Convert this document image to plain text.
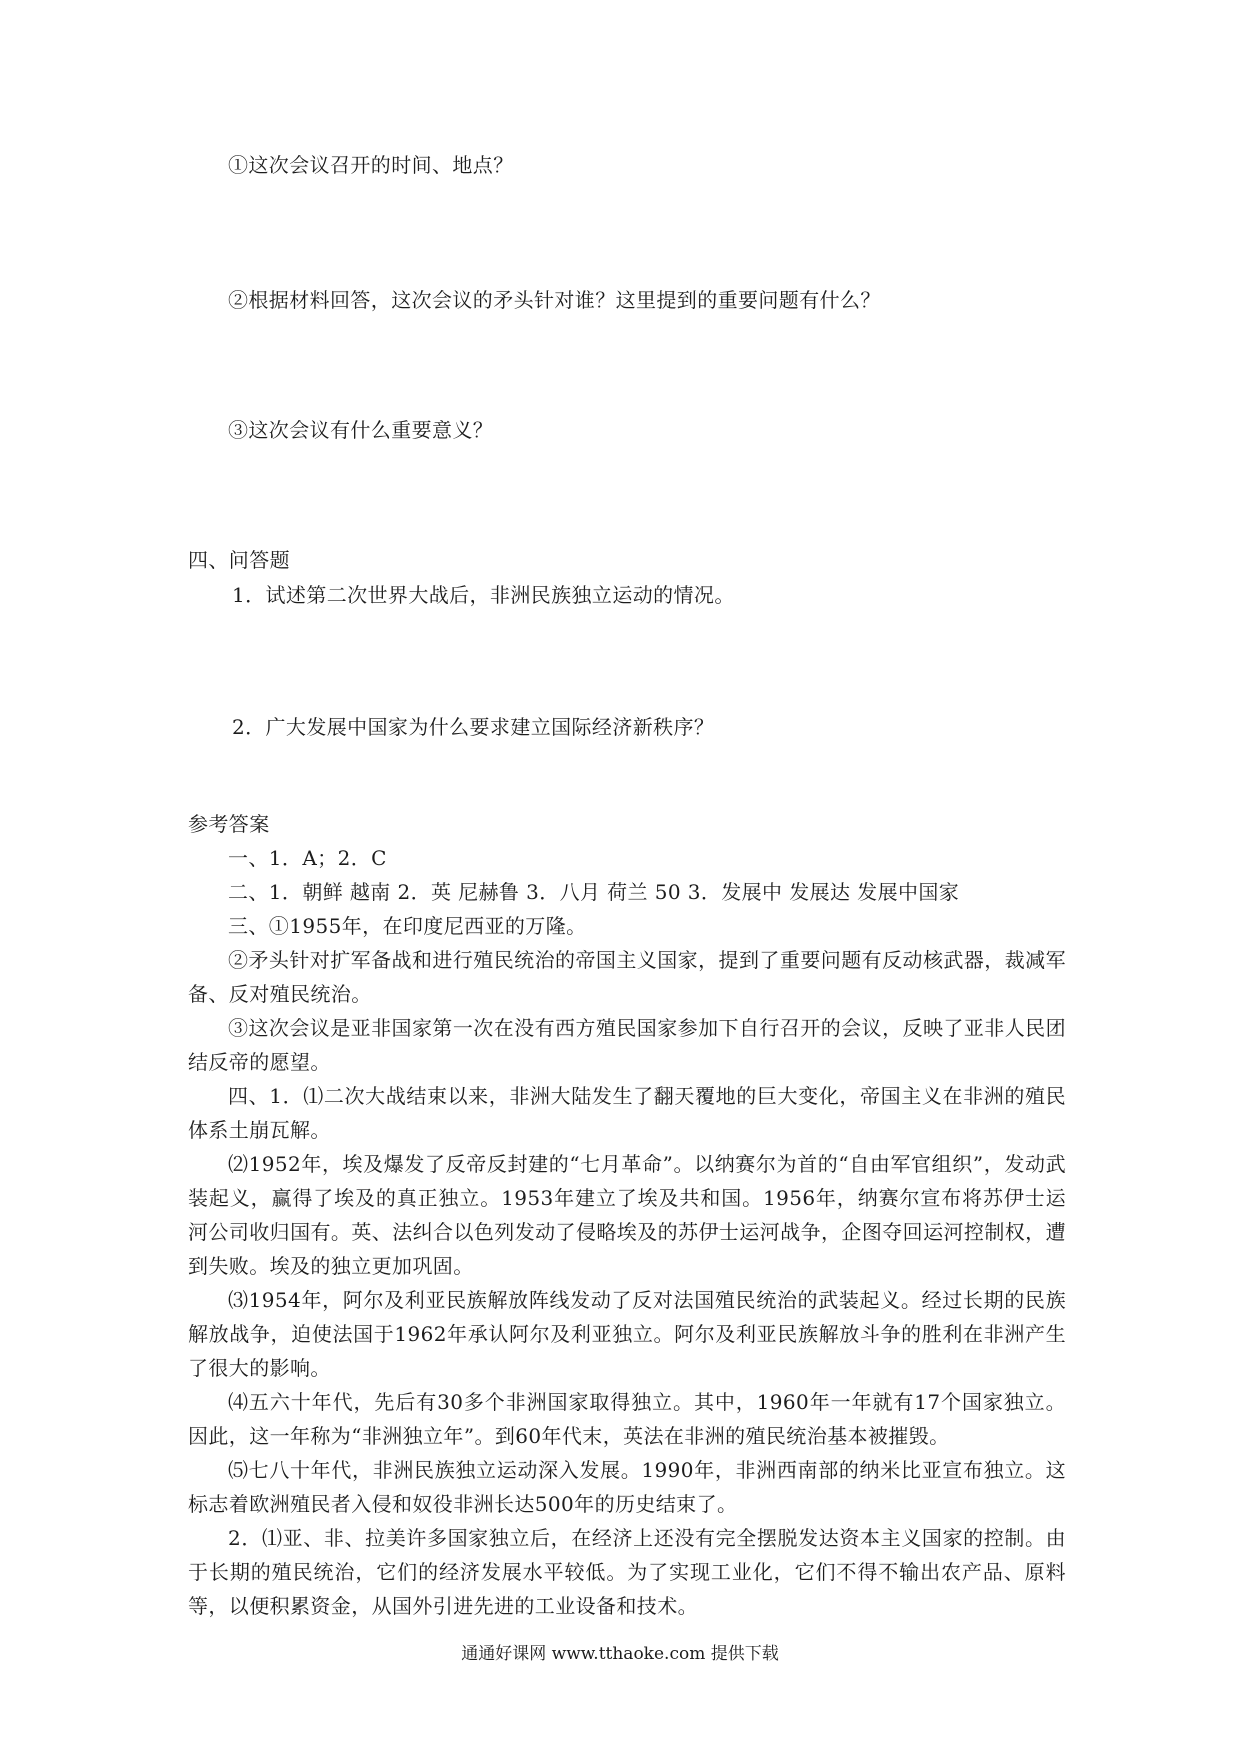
①这次会议召开的时间、地点？

②根据材料回答，这次会议的矛头针对谁？这里提到的重要问题有什么？

③这次会议有什么重要意义？

四、问答题

1．试述第二次世界大战后，非洲民族独立运动的情况。

2．广大发展中国家为什么要求建立国际经济新秩序？

参考答案

一、1．A；2．C

二、1．朝鲜 越南 2．英 尼赫鲁 3．八月 荷兰 50 3．发展中 发展达 发展中国家

三、①1955年，在印度尼西亚的万隆。

②矛头针对扩军备战和进行殖民统治的帝国主义国家，提到了重要问题有反动核武器，裁减军备、反对殖民统治。

③这次会议是亚非国家第一次在没有西方殖民国家参加下自行召开的会议，反映了亚非人民团结反帝的愿望。

四、1．⑴二次大战结束以来，非洲大陆发生了翻天覆地的巨大变化，帝国主义在非洲的殖民体系土崩瓦解。

⑵1952年，埃及爆发了反帝反封建的“七月革命”。以纳赛尔为首的“自由军官组织”，发动武装起义，赢得了埃及的真正独立。1953年建立了埃及共和国。1956年，纳赛尔宣布将苏伊士运河公司收归国有。英、法纠合以色列发动了侵略埃及的苏伊士运河战争，企图夺回运河控制权，遭到失败。埃及的独立更加巩固。

⑶1954年，阿尔及利亚民族解放阵线发动了反对法国殖民统治的武装起义。经过长期的民族解放战争，迫使法国于1962年承认阿尔及利亚独立。阿尔及利亚民族解放斗争的胜利在非洲产生了很大的影响。

⑷五六十年代，先后有30多个非洲国家取得独立。其中，1960年一年就有17个国家独立。因此，这一年称为“非洲独立年”。到60年代末，英法在非洲的殖民统治基本被摧毁。

⑸七八十年代，非洲民族独立运动深入发展。1990年，非洲西南部的纳米比亚宣布独立。这标志着欧洲殖民者入侵和奴役非洲长达500年的历史结束了。

2．⑴亚、非、拉美许多国家独立后，在经济上还没有完全摆脱发达资本主义国家的控制。由于长期的殖民统治，它们的经济发展水平较低。为了实现工业化，它们不得不输出农产品、原料等，以便积累资金，从国外引进先进的工业设备和技术。

通通好课网 www.tthaoke.com 提供下载
